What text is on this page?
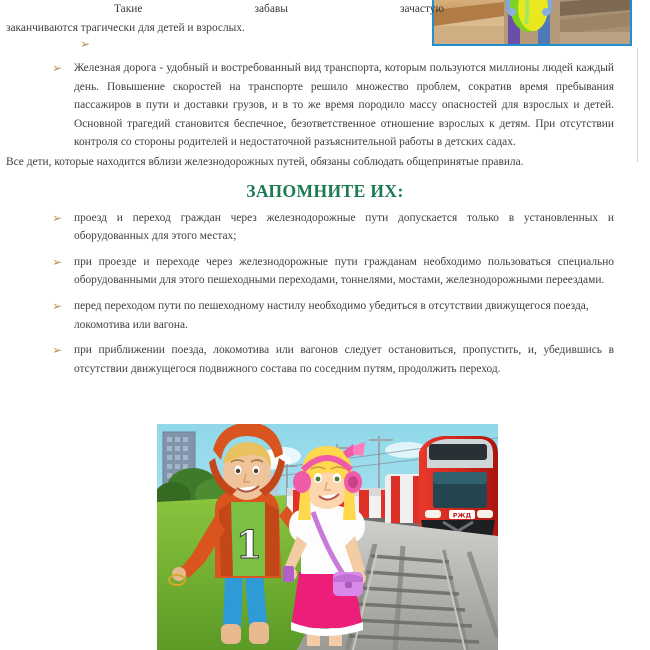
Такие	забавы	зачастую

заканчиваются трагически для детей и взрослых.

➢
➢ Железная дорога - удобный и востребованный вид транспорта, которым пользуются миллионы людей каждый день. Повышение скоростей на транспорте решило множество проблем, сократив время пребывания пассажиров в пути и доставки грузов, и в то же время породило массу опасностей для взрослых и детей. Основной трагедий становится беспечное, безответственное отношение взрослых к детям. При отсутствии контроля со стороны родителей и недостаточной разъяснительной работы в детских садах.

Все дети, которые находится вблизи железнодорожных путей, обязаны соблюдать общепринятые правила.

ЗАПОМНИТЕ ИХ:
➢ проезд и переход граждан через железнодорожные пути допускается только в установленных и оборудованных для этого местах;
➢ при проезде и переходе через железнодорожные пути гражданам необходимо пользоваться специально оборудованными для этого пешеходными переходами, тоннелями, мостами, железнодорожными переездами.
➢ перед переходом пути по пешеходному настилу необходимо убедиться в отсутствии движущегося поезда, локомотива или вагона.
➢ при приближении поезда, локомотива или вагонов следует остановиться, пропустить, и, убедившись в отсутствии движущегося подвижного состава по соседним путям, продолжить переход.
РЖД
1
